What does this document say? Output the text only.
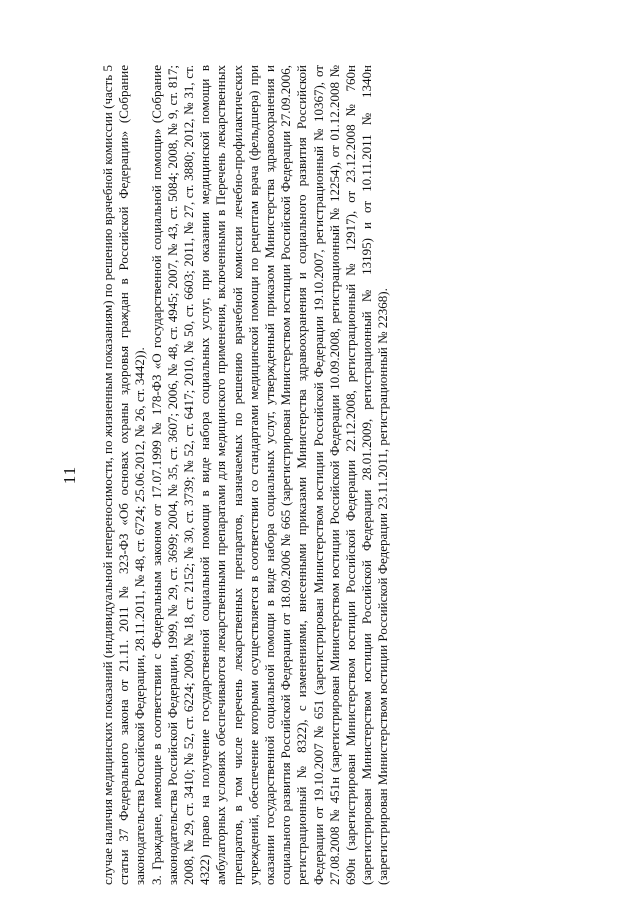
11 случае наличия медицинских показаний (индивидуальной непереносимости, по жизненным показаниям) по решению врачебной комиссии (часть 5 статьи 37 Федерального закона от 21.11. 2011 № 323-ФЗ «Об основах охраны здоровья граждан в Российской Федерации» (Собрание законодательства Российской Федерации, 28.11.2011, № 48, ст. 6724; 25.06.2012, № 26, ст. 3442)). 3. Граждане, имеющие в соответствии с Федеральным законом от 17.07.1999 № 178-ФЗ «О государственной социальной помощи» (Собрание законодательства Российской Федерации, 1999, № 29, ст. 3699; 2004, № 35, ст. 3607; 2006, № 48, ст. 4945; 2007, № 43, ст. 5084; 2008, № 9, ст. 817; 2008, № 29, ст. 3410; № 52, ст. 6224; 2009, № 18, ст. 2152; № 30, ст. 3739; № 52, ст. 6417; 2010, № 50, ст. 6603; 2011, № 27, ст. 3880; 2012, № 31, ст. 4322) право на получение государственной социальной помощи в виде набора социальных услуг, при оказании медицинской помощи в амбулаторных условиях обеспечиваются лекарственными препаратами для медицинского применения, включенными в Перечень лекарственных препаратов, в том числе перечень лекарственных препаратов, назначаемых по решению врачебной комиссии лечебно-профилактических учреждений, обеспечение которыми осуществляется в соответствии со стандартами медицинской помощи по рецептам врача (фельдшера) при оказании государственной социальной помощи в виде набора социальных услуг, утвержденный приказом Министерства здравоохранения и социального развития Российской Федерации от 18.09.2006 № 665 (зарегистрирован Министерством юстиции Российской Федерации 27.09.2006, регистрационный № 8322), с изменениями, внесенными приказами Министерства здравоохранения и социального развития Российской Федерации от 19.10.2007 № 651 (зарегистрирован Министерством юстиции Российской Федерации 19.10.2007, регистрационный № 10367), от 27.08.2008 № 451н (зарегистрирован Министерством юстиции Российской Федерации 10.09.2008, регистрационный № 12254), от 01.12.2008 № 690н (зарегистрирован Министерством юстиции Российской Федерации 22.12.2008, регистрационный № 12917), от 23.12.2008 № 760н (зарегистрирован Министерством юстиции Российской Федерации 28.01.2009, регистрационный № 13195) и от 10.11.2011 № 1340н (зарегистрирован Министерством юстиции Российской Федерации 23.11.2011, регистрационный № 22368).
